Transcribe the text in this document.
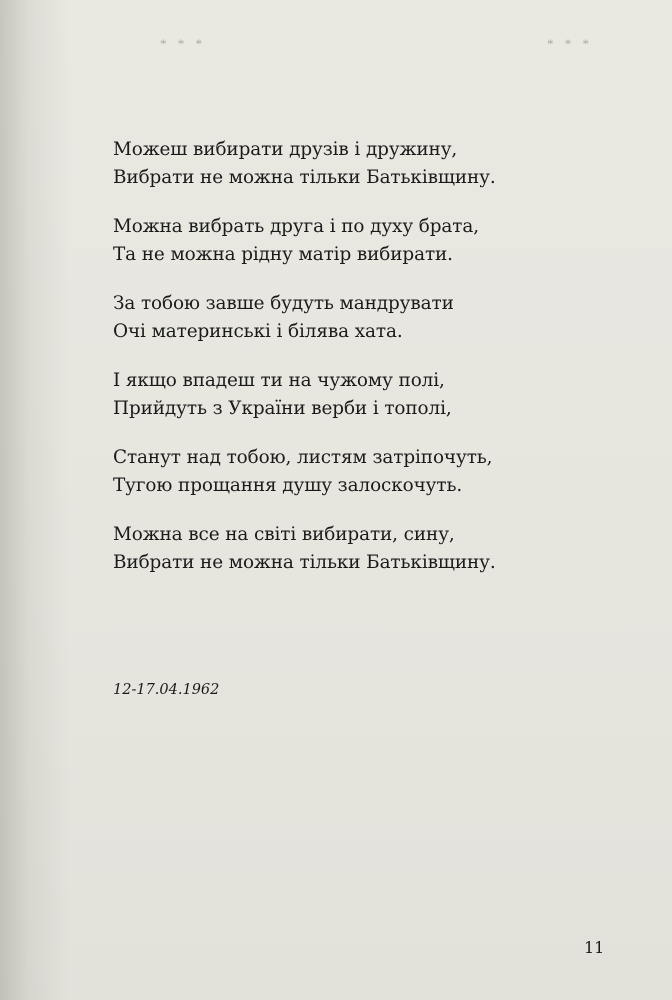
* * *	* * *

Можеш вибирати друзів і дружину,
Вибрати не можна тільки Батьківщину.
Можна вибрать друга і по духу брата,
Та не можна рідну матір вибирати.
За тобою завше будуть мандрувати
Очі материнські і білява хата.
І якщо впадеш ти на чужому полі,
Прийдуть з України верби і тополі,
Станут над тобою, листям затріпочуть,
Тугою прощання душу залоскочуть.
Можна все на світі вибирати, сину,
Вибрати не можна тільки Батьківщину.
12-17.04.1962
11
